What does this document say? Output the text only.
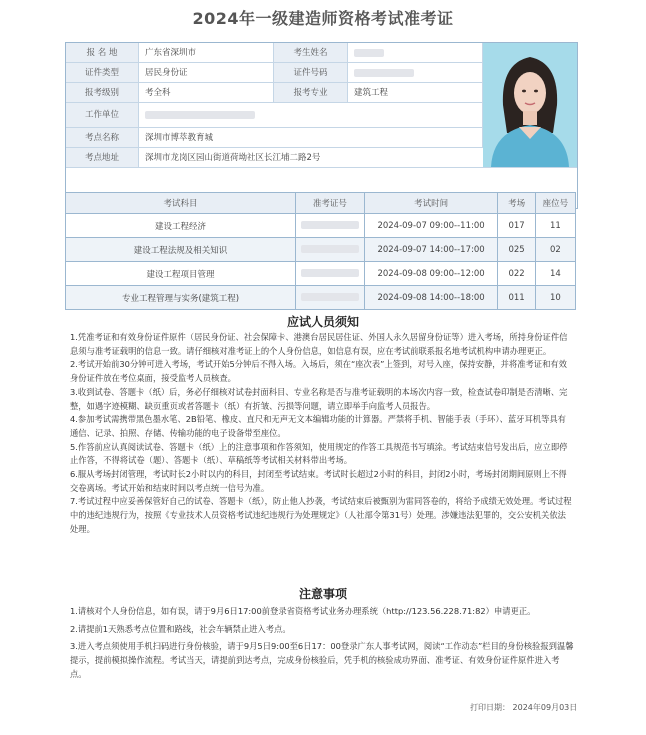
2024年一级建造师资格考试准考证
报 名 地	广东省深圳市	考生姓名
证件类型	居民身份证	证件号码
报考级别	考全科	报考专业	建筑工程
工作单位
考点名称	深圳市博萃教育城
考点地址	深圳市龙岗区园山街道荷坳社区长江埔二路2号
考试科目	准考证号	考试时间	考场	座位号
建设工程经济		2024-09-07 09:00--11:00	017	11
建设工程法规及相关知识		2024-09-07 14:00--17:00	025	02
建设工程项目管理		2024-09-08 09:00--12:00	022	14
专业工程管理与实务(建筑工程)		2024-09-08 14:00--18:00	011	10
应试人员须知

1.凭准考证和有效身份证件原件（居民身份证、社会保障卡、港澳台居民居住证、外国人永久居留身份证等）进入考场，所持身份证件信息须与准考证载明的信息一致。请仔细核对准考证上的个人身份信息，如信息有误，应在考试前联系报名地考试机构申请办理更正。

2.考试开始前30分钟可进入考场，考试开始5分钟后不得入场。入场后，须在“座次表”上签到，对号入座，保持安静，并将准考证和有效身份证件放在考位桌面，接受监考人员核查。

3.收到试卷、答题卡（纸）后，务必仔细核对试卷封面科目、专业名称是否与准考证载明的本场次内容一致，检查试卷印制是否清晰、完整，如遇字迹模糊、缺页重页或者答题卡（纸）有折皱、污损等问题，请立即举手向监考人员报告。

4.参加考试需携带黑色墨水笔、2B铅笔、橡皮、直尺和无声无文本编辑功能的计算器。严禁将手机、智能手表（手环）、蓝牙耳机等具有通信、记录、拍照、存储、传输功能的电子设备带至座位。

5.作答前应认真阅读试卷、答题卡（纸）上的注意事项和作答须知，使用规定的作答工具规范书写填涂。考试结束信号发出后，应立即停止作答，不得将试卷（题）、答题卡（纸）、草稿纸等考试相关材料带出考场。

6.服从考场封闭管理，考试时长2小时以内的科目，封闭至考试结束。考试时长超过2小时的科目，封闭2小时，考场封闭期间原则上不得交卷离场。考试开始和结束时间以考点统一信号为准。

7.考试过程中应妥善保管好自己的试卷、答题卡（纸），防止他人抄袭，考试结束后被甄别为雷同答卷的，将给予成绩无效处理。考试过程中的违纪违规行为，按照《专业技术人员资格考试违纪违规行为处理规定》（人社部令第31号）处理。涉嫌违法犯罪的，交公安机关依法处理。

注意事项

1.请核对个人身份信息，如有误，请于9月6日17:00前登录省资格考试业务办理系统（http://123.56.228.71:82）申请更正。

2.请提前1天熟悉考点位置和路线，社会车辆禁止进入考点。

3.进入考点须使用手机扫码进行身份核验，请于9月5日9:00至6日17：00登录广东人事考试网，阅读“工作动态”栏目的身份核验报到温馨提示，提前模拟操作流程。考试当天，请提前到达考点，完成身份核验后，凭手机的核验成功界面、准考证、有效身份证件原件进入考点。

打印日期： 2024年09月03日
